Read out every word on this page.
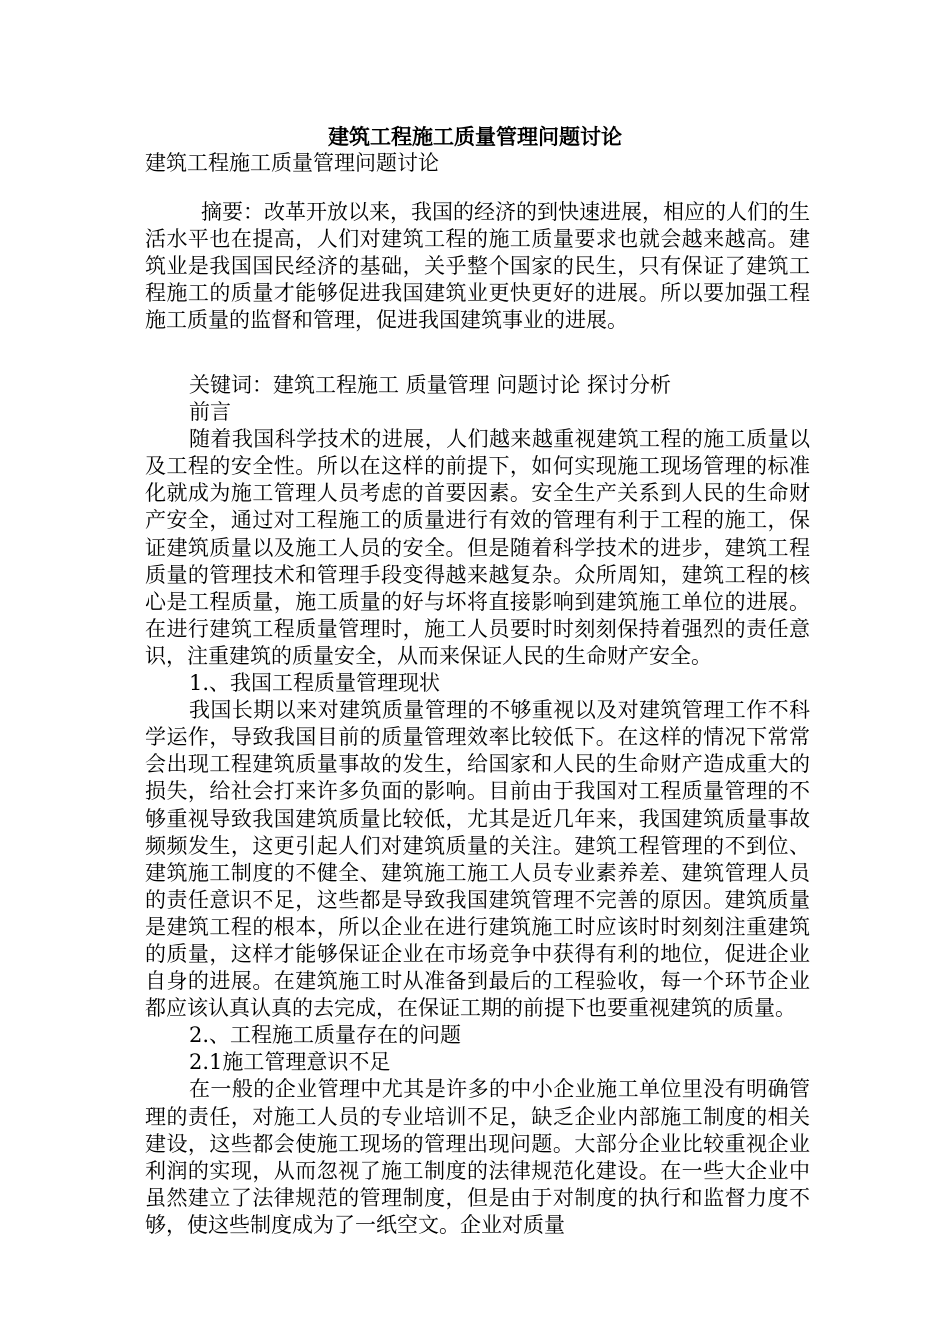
建筑工程施工质量管理问题讨论
建筑工程施工质量管理问题讨论

摘要：改革开放以来，我国的经济的到快速进展，相应的人们的生活水平也在提高，人们对建筑工程的施工质量要求也就会越来越高。建筑业是我国国民经济的基础，关乎整个国家的民生，只有保证了建筑工程施工的质量才能够促进我国建筑业更快更好的进展。所以要加强工程施工质量的监督和管理，促进我国建筑事业的进展。

关键词：建筑工程施工 质量管理 问题讨论 探讨分析

前言

随着我国科学技术的进展，人们越来越重视建筑工程的施工质量以及工程的安全性。所以在这样的前提下，如何实现施工现场管理的标准化就成为施工管理人员考虑的首要因素。安全生产关系到人民的生命财产安全，通过对工程施工的质量进行有效的管理有利于工程的施工，保证建筑质量以及施工人员的安全。但是随着科学技术的进步，建筑工程质量的管理技术和管理手段变得越来越复杂。众所周知，建筑工程的核心是工程质量，施工质量的好与坏将直接影响到建筑施工单位的进展。在进行建筑工程质量管理时，施工人员要时时刻刻保持着强烈的责任意识，注重建筑的质量安全，从而来保证人民的生命财产安全。

1.、我国工程质量管理现状

我国长期以来对建筑质量管理的不够重视以及对建筑管理工作不科学运作，导致我国目前的质量管理效率比较低下。在这样的情况下常常会出现工程建筑质量事故的发生，给国家和人民的生命财产造成重大的损失，给社会打来许多负面的影响。目前由于我国对工程质量管理的不够重视导致我国建筑质量比较低，尤其是近几年来，我国建筑质量事故频频发生，这更引起人们对建筑质量的关注。建筑工程管理的不到位、建筑施工制度的不健全、建筑施工施工人员专业素养差、建筑管理人员的责任意识不足，这些都是导致我国建筑管理不完善的原因。建筑质量是建筑工程的根本，所以企业在进行建筑施工时应该时时刻刻注重建筑的质量，这样才能够保证企业在市场竞争中获得有利的地位，促进企业自身的进展。在建筑施工时从准备到最后的工程验收，每一个环节企业都应该认真认真的去完成，在保证工期的前提下也要重视建筑的质量。

2.、工程施工质量存在的问题

2.1施工管理意识不足

在一般的企业管理中尤其是许多的中小企业施工单位里没有明确管理的责任，对施工人员的专业培训不足，缺乏企业内部施工制度的相关建设，这些都会使施工现场的管理出现问题。大部分企业比较重视企业利润的实现，从而忽视了施工制度的法律规范化建设。在一些大企业中虽然建立了法律规范的管理制度，但是由于对制度的执行和监督力度不够，使这些制度成为了一纸空文。企业对质量
